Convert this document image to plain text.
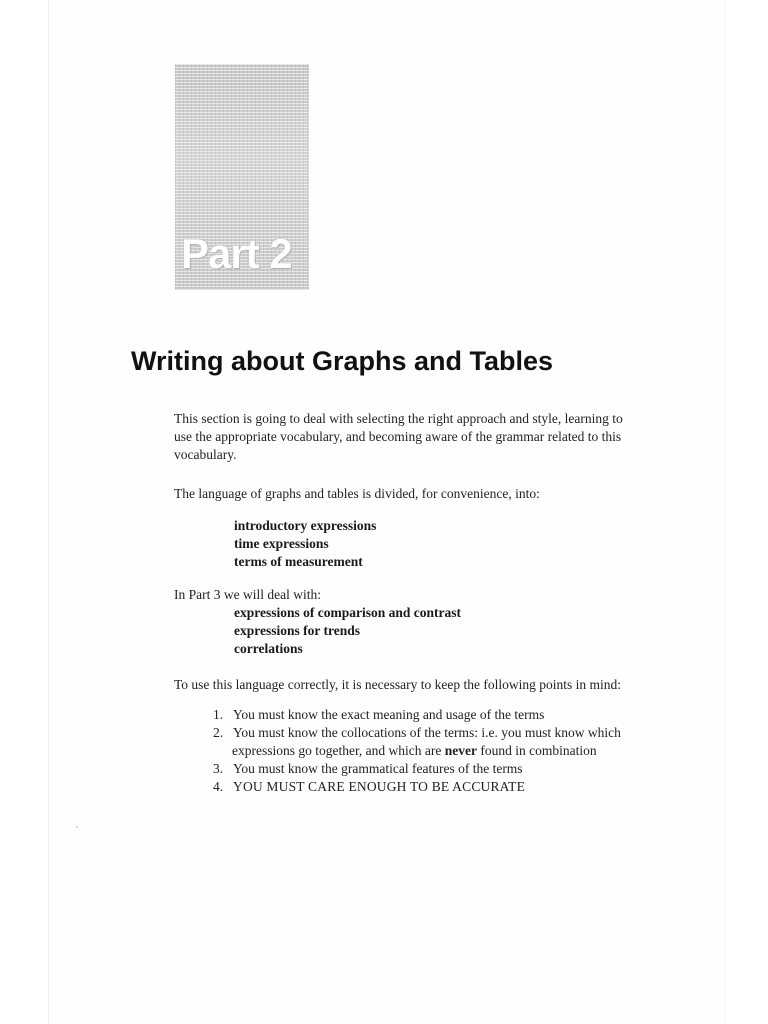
Part 2
Writing about Graphs and Tables
This section is going to deal with selecting the right approach and style, learning to
use the appropriate vocabulary, and becoming aware of the grammar related to this
vocabulary.
The language of graphs and tables is divided, for convenience, into:
introductory expressions
time expressions
terms of measurement
In Part 3 we will deal with:
expressions of comparison and contrast
expressions for trends
correlations
To use this language correctly, it is necessary to keep the following points in mind:
1. You must know the exact meaning and usage of the terms
2. You must know the collocations of the terms: i.e. you must know which
expressions go together, and which are never found in combination
3. You must know the grammatical features of the terms
4. YOU MUST CARE ENOUGH TO BE ACCURATE
